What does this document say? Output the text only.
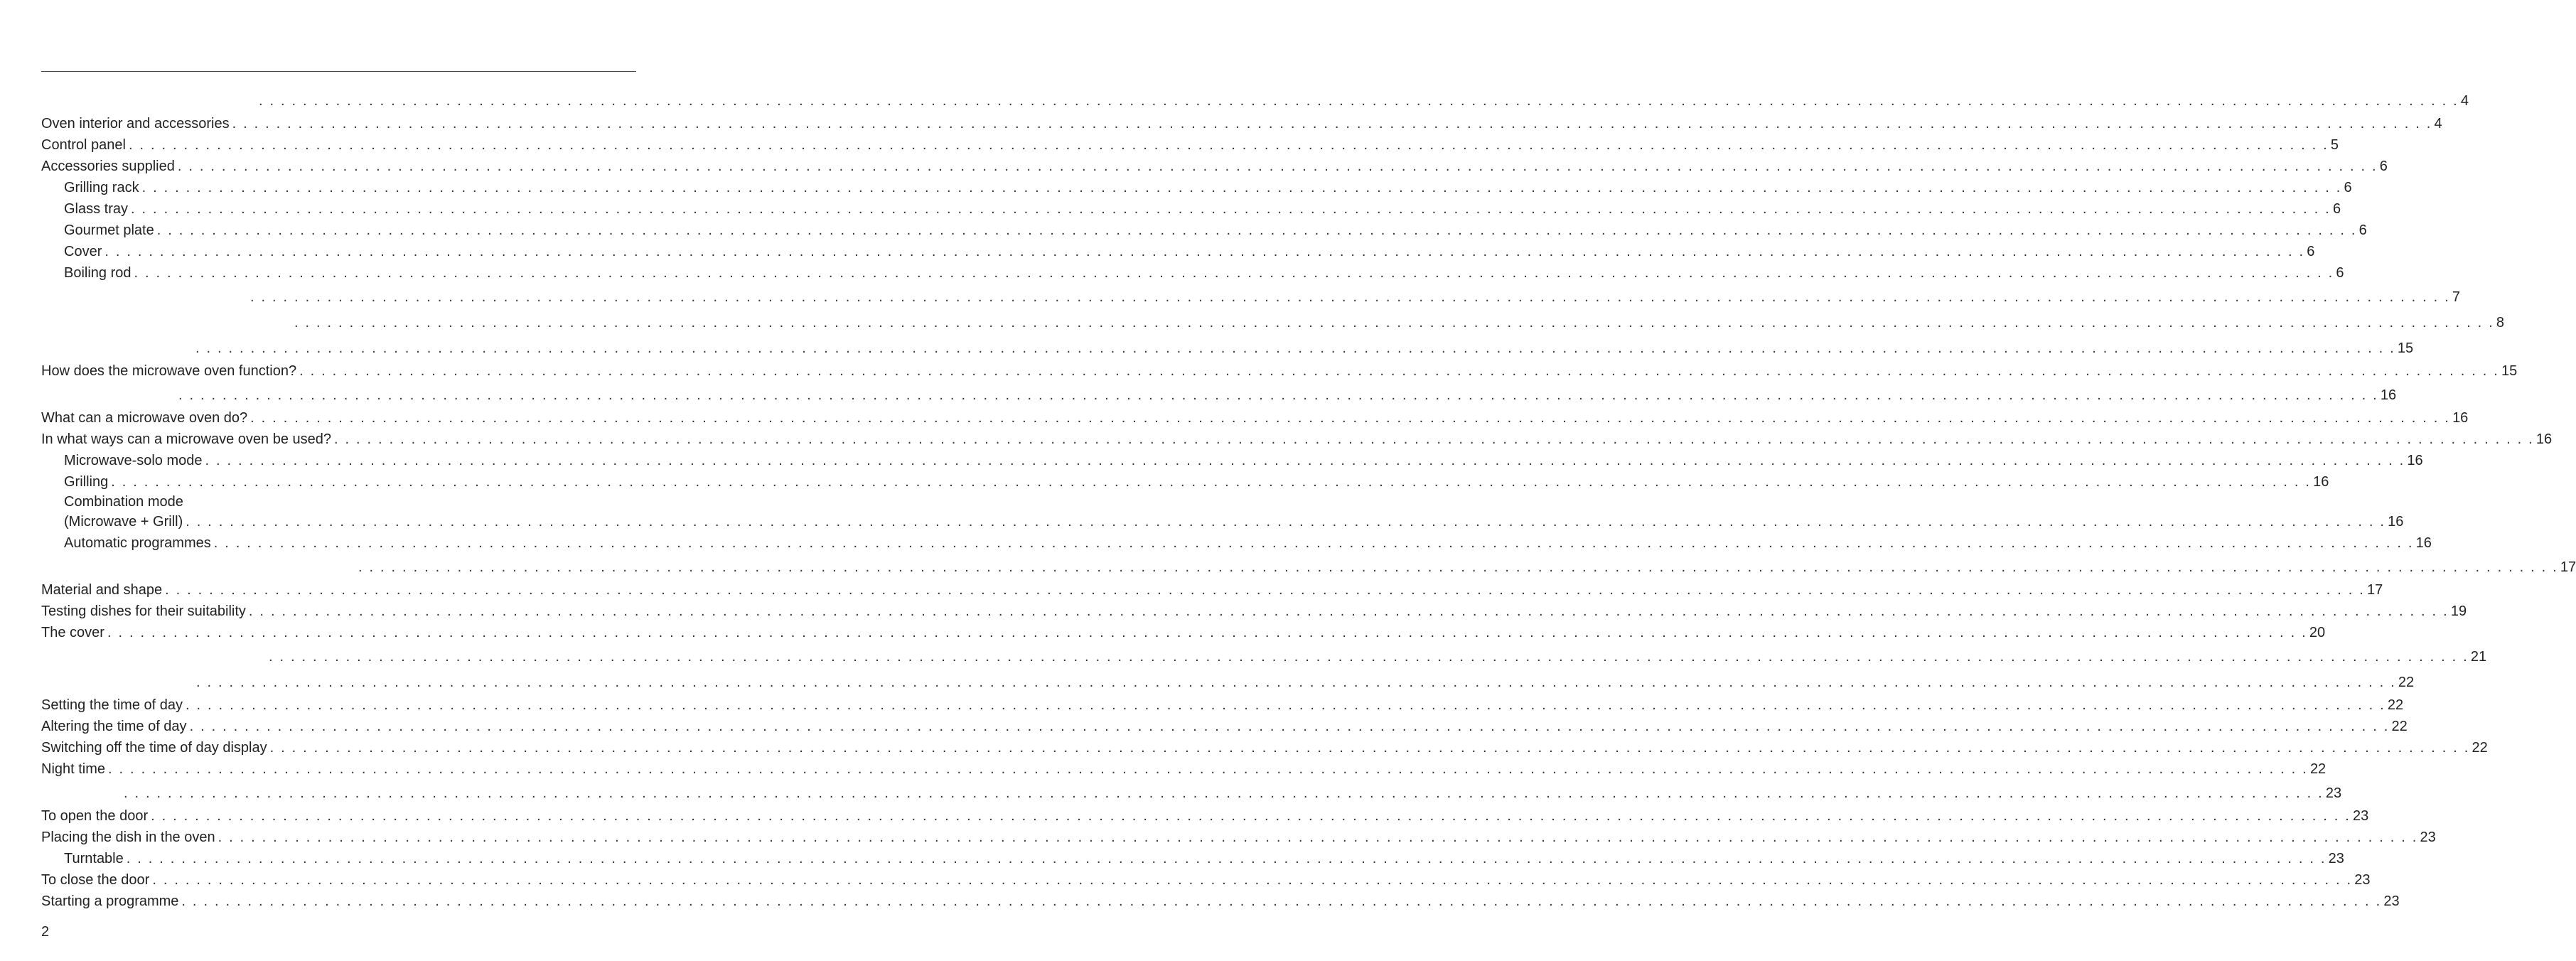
. . . . . . . . . . . . . . . . . . . . . . . . . . . . . . . . . . . . . . . . . . . . . . . . . . . . . . . . . . . . . . . . . . . . . . . . . . . . . . . . . . . . . . . . . . . . . . . . . . . . . . . . . . . . . . . . . . . . . . . . . . . . . . . . . . . . . . . . . . . . . . . . . . . . . . . . . . . . . . . . . . . . . . . . . . . . . . . . . . . . . . . . . . . . . . . . . . . . . . . . 4
Oven interior and accessories . . . . . . . . . . . . . . . . . . . . . . . . . . . . . . . . . . . . . . . . . . . . . . . . . . . . . . . . . . . . . . . . . . . . . . . . . . . . . . . . . . . . . . . . . . . . . . . . . . . . . . . . . . . . . . . . . . . . . . . . . . . . . . . . . . . . . . . . . . . . . . . . . . . . . . . . . . . . . . . . . . . . . . . . . . . . . . . . . . . . . . . . . . . . . . . . . . . . . . . . 4
Control panel . . . . . . . . . . . . . . . . . . . . . . . . . . . . . . . . . . . . . . . . . . . . . . . . . . . . . . . . . . . . . . . . . . . . . . . . . . . . . . . . . . . . . . . . . . . . . . . . . . . . . . . . . . . . . . . . . . . . . . . . . . . . . . . . . . . . . . . . . . . . . . . . . . . . . . . . . . . . . . . . . . . . . . . . . . . . . . . . . . . . . . . . . . . . . . . . . . . . . . . . 5
Accessories supplied . . . . . . . . . . . . . . . . . . . . . . . . . . . . . . . . . . . . . . . . . . . . . . . . . . . . . . . . . . . . . . . . . . . . . . . . . . . . . . . . . . . . . . . . . . . . . . . . . . . . . . . . . . . . . . . . . . . . . . . . . . . . . . . . . . . . . . . . . . . . . . . . . . . . . . . . . . . . . . . . . . . . . . . . . . . . . . . . . . . . . . . . . . . . . . . . . . . . . . . . 6
Grilling rack . . . . . . . . . . . . . . . . . . . . . . . . . . . . . . . . . . . . . . . . . . . . . . . . . . . . . . . . . . . . . . . . . . . . . . . . . . . . . . . . . . . . . . . . . . . . . . . . . . . . . . . . . . . . . . . . . . . . . . . . . . . . . . . . . . . . . . . . . . . . . . . . . . . . . . . . . . . . . . . . . . . . . . . . . . . . . . . . . . . . . . . . . . . . . . . . . . . . . . . . 6
Glass tray . . . . . . . . . . . . . . . . . . . . . . . . . . . . . . . . . . . . . . . . . . . . . . . . . . . . . . . . . . . . . . . . . . . . . . . . . . . . . . . . . . . . . . . . . . . . . . . . . . . . . . . . . . . . . . . . . . . . . . . . . . . . . . . . . . . . . . . . . . . . . . . . . . . . . . . . . . . . . . . . . . . . . . . . . . . . . . . . . . . . . . . . . . . . . . . . . . . . . . . . 6
Gourmet plate . . . . . . . . . . . . . . . . . . . . . . . . . . . . . . . . . . . . . . . . . . . . . . . . . . . . . . . . . . . . . . . . . . . . . . . . . . . . . . . . . . . . . . . . . . . . . . . . . . . . . . . . . . . . . . . . . . . . . . . . . . . . . . . . . . . . . . . . . . . . . . . . . . . . . . . . . . . . . . . . . . . . . . . . . . . . . . . . . . . . . . . . . . . . . . . . . . . . . . . . 6
Cover . . . . . . . . . . . . . . . . . . . . . . . . . . . . . . . . . . . . . . . . . . . . . . . . . . . . . . . . . . . . . . . . . . . . . . . . . . . . . . . . . . . . . . . . . . . . . . . . . . . . . . . . . . . . . . . . . . . . . . . . . . . . . . . . . . . . . . . . . . . . . . . . . . . . . . . . . . . . . . . . . . . . . . . . . . . . . . . . . . . . . . . . . . . . . . . . . . . . . . . . 6
Boiling rod . . . . . . . . . . . . . . . . . . . . . . . . . . . . . . . . . . . . . . . . . . . . . . . . . . . . . . . . . . . . . . . . . . . . . . . . . . . . . . . . . . . . . . . . . . . . . . . . . . . . . . . . . . . . . . . . . . . . . . . . . . . . . . . . . . . . . . . . . . . . . . . . . . . . . . . . . . . . . . . . . . . . . . . . . . . . . . . . . . . . . . . . . . . . . . . . . . . . . . . . 6
. . . . . . . . . . . . . . . . . . . . . . . . . . . . . . . . . . . . . . . . . . . . . . . . . . . . . . . . . . . . . . . . . . . . . . . . . . . . . . . . . . . . . . . . . . . . . . . . . . . . . . . . . . . . . . . . . . . . . . . . . . . . . . . . . . . . . . . . . . . . . . . . . . . . . . . . . . . . . . . . . . . . . . . . . . . . . . . . . . . . . . . . . . . . . . . . . . . . . . . . 7
. . . . . . . . . . . . . . . . . . . . . . . . . . . . . . . . . . . . . . . . . . . . . . . . . . . . . . . . . . . . . . . . . . . . . . . . . . . . . . . . . . . . . . . . . . . . . . . . . . . . . . . . . . . . . . . . . . . . . . . . . . . . . . . . . . . . . . . . . . . . . . . . . . . . . . . . . . . . . . . . . . . . . . . . . . . . . . . . . . . . . . . . . . . . . . . . . . . . . . . . 8
. . . . . . . . . . . . . . . . . . . . . . . . . . . . . . . . . . . . . . . . . . . . . . . . . . . . . . . . . . . . . . . . . . . . . . . . . . . . . . . . . . . . . . . . . . . . . . . . . . . . . . . . . . . . . . . . . . . . . . . . . . . . . . . . . . . . . . . . . . . . . . . . . . . . . . . . . . . . . . . . . . . . . . . . . . . . . . . . . . . . . . . . . . . . . . . . . . . . . . . . 15
How does the microwave oven function? . . . . . . . . . . . . . . . . . . . . . . . . . . . . . . . . . . . . . . . . . . . . . . . . . . . . . . . . . . . . . . . . . . . . . . . . . . . . . . . . . . . . . . . . . . . . . . . . . . . . . . . . . . . . . . . . . . . . . . . . . . . . . . . . . . . . . . . . . . . . . . . . . . . . . . . . . . . . . . . . . . . . . . . . . . . . . . . . . . . . . . . . . . . . . . . . . . . . . . . . 15
. . . . . . . . . . . . . . . . . . . . . . . . . . . . . . . . . . . . . . . . . . . . . . . . . . . . . . . . . . . . . . . . . . . . . . . . . . . . . . . . . . . . . . . . . . . . . . . . . . . . . . . . . . . . . . . . . . . . . . . . . . . . . . . . . . . . . . . . . . . . . . . . . . . . . . . . . . . . . . . . . . . . . . . . . . . . . . . . . . . . . . . . . . . . . . . . . . . . . . . . 16
What can a microwave oven do? . . . . . . . . . . . . . . . . . . . . . . . . . . . . . . . . . . . . . . . . . . . . . . . . . . . . . . . . . . . . . . . . . . . . . . . . . . . . . . . . . . . . . . . . . . . . . . . . . . . . . . . . . . . . . . . . . . . . . . . . . . . . . . . . . . . . . . . . . . . . . . . . . . . . . . . . . . . . . . . . . . . . . . . . . . . . . . . . . . . . . . . . . . . . . . . . . . . . . . . . 16
In what ways can a microwave oven be used? . . . . . . . . . . . . . . . . . . . . . . . . . . . . . . . . . . . . . . . . . . . . . . . . . . . . . . . . . . . . . . . . . . . . . . . . . . . . . . . . . . . . . . . . . . . . . . . . . . . . . . . . . . . . . . . . . . . . . . . . . . . . . . . . . . . . . . . . . . . . . . . . . . . . . . . . . . . . . . . . . . . . . . . . . . . . . . . . . . . . . . . . . . . . . . . . . . . . . . . . 16
Microwave-solo mode . . . . . . . . . . . . . . . . . . . . . . . . . . . . . . . . . . . . . . . . . . . . . . . . . . . . . . . . . . . . . . . . . . . . . . . . . . . . . . . . . . . . . . . . . . . . . . . . . . . . . . . . . . . . . . . . . . . . . . . . . . . . . . . . . . . . . . . . . . . . . . . . . . . . . . . . . . . . . . . . . . . . . . . . . . . . . . . . . . . . . . . . . . . . . . . . . . . . . . . . 16
Grilling . . . . . . . . . . . . . . . . . . . . . . . . . . . . . . . . . . . . . . . . . . . . . . . . . . . . . . . . . . . . . . . . . . . . . . . . . . . . . . . . . . . . . . . . . . . . . . . . . . . . . . . . . . . . . . . . . . . . . . . . . . . . . . . . . . . . . . . . . . . . . . . . . . . . . . . . . . . . . . . . . . . . . . . . . . . . . . . . . . . . . . . . . . . . . . . . . . . . . . . . 16
Combination mode
(Microwave + Grill) . . . . . . . . . . . . . . . . . . . . . . . . . . . . . . . . . . . . . . . . . . . . . . . . . . . . . . . . . . . . . . . . . . . . . . . . . . . . . . . . . . . . . . . . . . . . . . . . . . . . . . . . . . . . . . . . . . . . . . . . . . . . . . . . . . . . . . . . . . . . . . . . . . . . . . . . . . . . . . . . . . . . . . . . . . . . . . . . . . . . . . . . . . . . . . . . . . . . . . . . 16
Automatic programmes . . . . . . . . . . . . . . . . . . . . . . . . . . . . . . . . . . . . . . . . . . . . . . . . . . . . . . . . . . . . . . . . . . . . . . . . . . . . . . . . . . . . . . . . . . . . . . . . . . . . . . . . . . . . . . . . . . . . . . . . . . . . . . . . . . . . . . . . . . . . . . . . . . . . . . . . . . . . . . . . . . . . . . . . . . . . . . . . . . . . . . . . . . . . . . . . . . . . . . . . 16
. . . . . . . . . . . . . . . . . . . . . . . . . . . . . . . . . . . . . . . . . . . . . . . . . . . . . . . . . . . . . . . . . . . . . . . . . . . . . . . . . . . . . . . . . . . . . . . . . . . . . . . . . . . . . . . . . . . . . . . . . . . . . . . . . . . . . . . . . . . . . . . . . . . . . . . . . . . . . . . . . . . . . . . . . . . . . . . . . . . . . . . . . . . . . . . . . . . . . . . . 17
Material and shape . . . . . . . . . . . . . . . . . . . . . . . . . . . . . . . . . . . . . . . . . . . . . . . . . . . . . . . . . . . . . . . . . . . . . . . . . . . . . . . . . . . . . . . . . . . . . . . . . . . . . . . . . . . . . . . . . . . . . . . . . . . . . . . . . . . . . . . . . . . . . . . . . . . . . . . . . . . . . . . . . . . . . . . . . . . . . . . . . . . . . . . . . . . . . . . . . . . . . . . . 17
Testing dishes for their suitability . . . . . . . . . . . . . . . . . . . . . . . . . . . . . . . . . . . . . . . . . . . . . . . . . . . . . . . . . . . . . . . . . . . . . . . . . . . . . . . . . . . . . . . . . . . . . . . . . . . . . . . . . . . . . . . . . . . . . . . . . . . . . . . . . . . . . . . . . . . . . . . . . . . . . . . . . . . . . . . . . . . . . . . . . . . . . . . . . . . . . . . . . . . . . . . . . . . . . . . . 19
The cover . . . . . . . . . . . . . . . . . . . . . . . . . . . . . . . . . . . . . . . . . . . . . . . . . . . . . . . . . . . . . . . . . . . . . . . . . . . . . . . . . . . . . . . . . . . . . . . . . . . . . . . . . . . . . . . . . . . . . . . . . . . . . . . . . . . . . . . . . . . . . . . . . . . . . . . . . . . . . . . . . . . . . . . . . . . . . . . . . . . . . . . . . . . . . . . . . . . . . . . . 20
. . . . . . . . . . . . . . . . . . . . . . . . . . . . . . . . . . . . . . . . . . . . . . . . . . . . . . . . . . . . . . . . . . . . . . . . . . . . . . . . . . . . . . . . . . . . . . . . . . . . . . . . . . . . . . . . . . . . . . . . . . . . . . . . . . . . . . . . . . . . . . . . . . . . . . . . . . . . . . . . . . . . . . . . . . . . . . . . . . . . . . . . . . . . . . . . . . . . . . . . 21
. . . . . . . . . . . . . . . . . . . . . . . . . . . . . . . . . . . . . . . . . . . . . . . . . . . . . . . . . . . . . . . . . . . . . . . . . . . . . . . . . . . . . . . . . . . . . . . . . . . . . . . . . . . . . . . . . . . . . . . . . . . . . . . . . . . . . . . . . . . . . . . . . . . . . . . . . . . . . . . . . . . . . . . . . . . . . . . . . . . . . . . . . . . . . . . . . . . . . . . . 22
Setting the time of day . . . . . . . . . . . . . . . . . . . . . . . . . . . . . . . . . . . . . . . . . . . . . . . . . . . . . . . . . . . . . . . . . . . . . . . . . . . . . . . . . . . . . . . . . . . . . . . . . . . . . . . . . . . . . . . . . . . . . . . . . . . . . . . . . . . . . . . . . . . . . . . . . . . . . . . . . . . . . . . . . . . . . . . . . . . . . . . . . . . . . . . . . . . . . . . . . . . . . . . . 22
Altering the time of day . . . . . . . . . . . . . . . . . . . . . . . . . . . . . . . . . . . . . . . . . . . . . . . . . . . . . . . . . . . . . . . . . . . . . . . . . . . . . . . . . . . . . . . . . . . . . . . . . . . . . . . . . . . . . . . . . . . . . . . . . . . . . . . . . . . . . . . . . . . . . . . . . . . . . . . . . . . . . . . . . . . . . . . . . . . . . . . . . . . . . . . . . . . . . . . . . . . . . . . . 22
Switching off the time of day display . . . . . . . . . . . . . . . . . . . . . . . . . . . . . . . . . . . . . . . . . . . . . . . . . . . . . . . . . . . . . . . . . . . . . . . . . . . . . . . . . . . . . . . . . . . . . . . . . . . . . . . . . . . . . . . . . . . . . . . . . . . . . . . . . . . . . . . . . . . . . . . . . . . . . . . . . . . . . . . . . . . . . . . . . . . . . . . . . . . . . . . . . . . . . . . . . . . . . . . . 22
Night time . . . . . . . . . . . . . . . . . . . . . . . . . . . . . . . . . . . . . . . . . . . . . . . . . . . . . . . . . . . . . . . . . . . . . . . . . . . . . . . . . . . . . . . . . . . . . . . . . . . . . . . . . . . . . . . . . . . . . . . . . . . . . . . . . . . . . . . . . . . . . . . . . . . . . . . . . . . . . . . . . . . . . . . . . . . . . . . . . . . . . . . . . . . . . . . . . . . . . . . . 22
. . . . . . . . . . . . . . . . . . . . . . . . . . . . . . . . . . . . . . . . . . . . . . . . . . . . . . . . . . . . . . . . . . . . . . . . . . . . . . . . . . . . . . . . . . . . . . . . . . . . . . . . . . . . . . . . . . . . . . . . . . . . . . . . . . . . . . . . . . . . . . . . . . . . . . . . . . . . . . . . . . . . . . . . . . . . . . . . . . . . . . . . . . . . . . . . . . . . . . . . 23
To open the door . . . . . . . . . . . . . . . . . . . . . . . . . . . . . . . . . . . . . . . . . . . . . . . . . . . . . . . . . . . . . . . . . . . . . . . . . . . . . . . . . . . . . . . . . . . . . . . . . . . . . . . . . . . . . . . . . . . . . . . . . . . . . . . . . . . . . . . . . . . . . . . . . . . . . . . . . . . . . . . . . . . . . . . . . . . . . . . . . . . . . . . . . . . . . . . . . . . . . . . . 23
Placing the dish in the oven . . . . . . . . . . . . . . . . . . . . . . . . . . . . . . . . . . . . . . . . . . . . . . . . . . . . . . . . . . . . . . . . . . . . . . . . . . . . . . . . . . . . . . . . . . . . . . . . . . . . . . . . . . . . . . . . . . . . . . . . . . . . . . . . . . . . . . . . . . . . . . . . . . . . . . . . . . . . . . . . . . . . . . . . . . . . . . . . . . . . . . . . . . . . . . . . . . . . . . . . 23
Turntable . . . . . . . . . . . . . . . . . . . . . . . . . . . . . . . . . . . . . . . . . . . . . . . . . . . . . . . . . . . . . . . . . . . . . . . . . . . . . . . . . . . . . . . . . . . . . . . . . . . . . . . . . . . . . . . . . . . . . . . . . . . . . . . . . . . . . . . . . . . . . . . . . . . . . . . . . . . . . . . . . . . . . . . . . . . . . . . . . . . . . . . . . . . . . . . . . . . . . . . . 23
To close the door . . . . . . . . . . . . . . . . . . . . . . . . . . . . . . . . . . . . . . . . . . . . . . . . . . . . . . . . . . . . . . . . . . . . . . . . . . . . . . . . . . . . . . . . . . . . . . . . . . . . . . . . . . . . . . . . . . . . . . . . . . . . . . . . . . . . . . . . . . . . . . . . . . . . . . . . . . . . . . . . . . . . . . . . . . . . . . . . . . . . . . . . . . . . . . . . . . . . . . . . 23
Starting a programme . . . . . . . . . . . . . . . . . . . . . . . . . . . . . . . . . . . . . . . . . . . . . . . . . . . . . . . . . . . . . . . . . . . . . . . . . . . . . . . . . . . . . . . . . . . . . . . . . . . . . . . . . . . . . . . . . . . . . . . . . . . . . . . . . . . . . . . . . . . . . . . . . . . . . . . . . . . . . . . . . . . . . . . . . . . . . . . . . . . . . . . . . . . . . . . . . . . . . . . . 23
2
